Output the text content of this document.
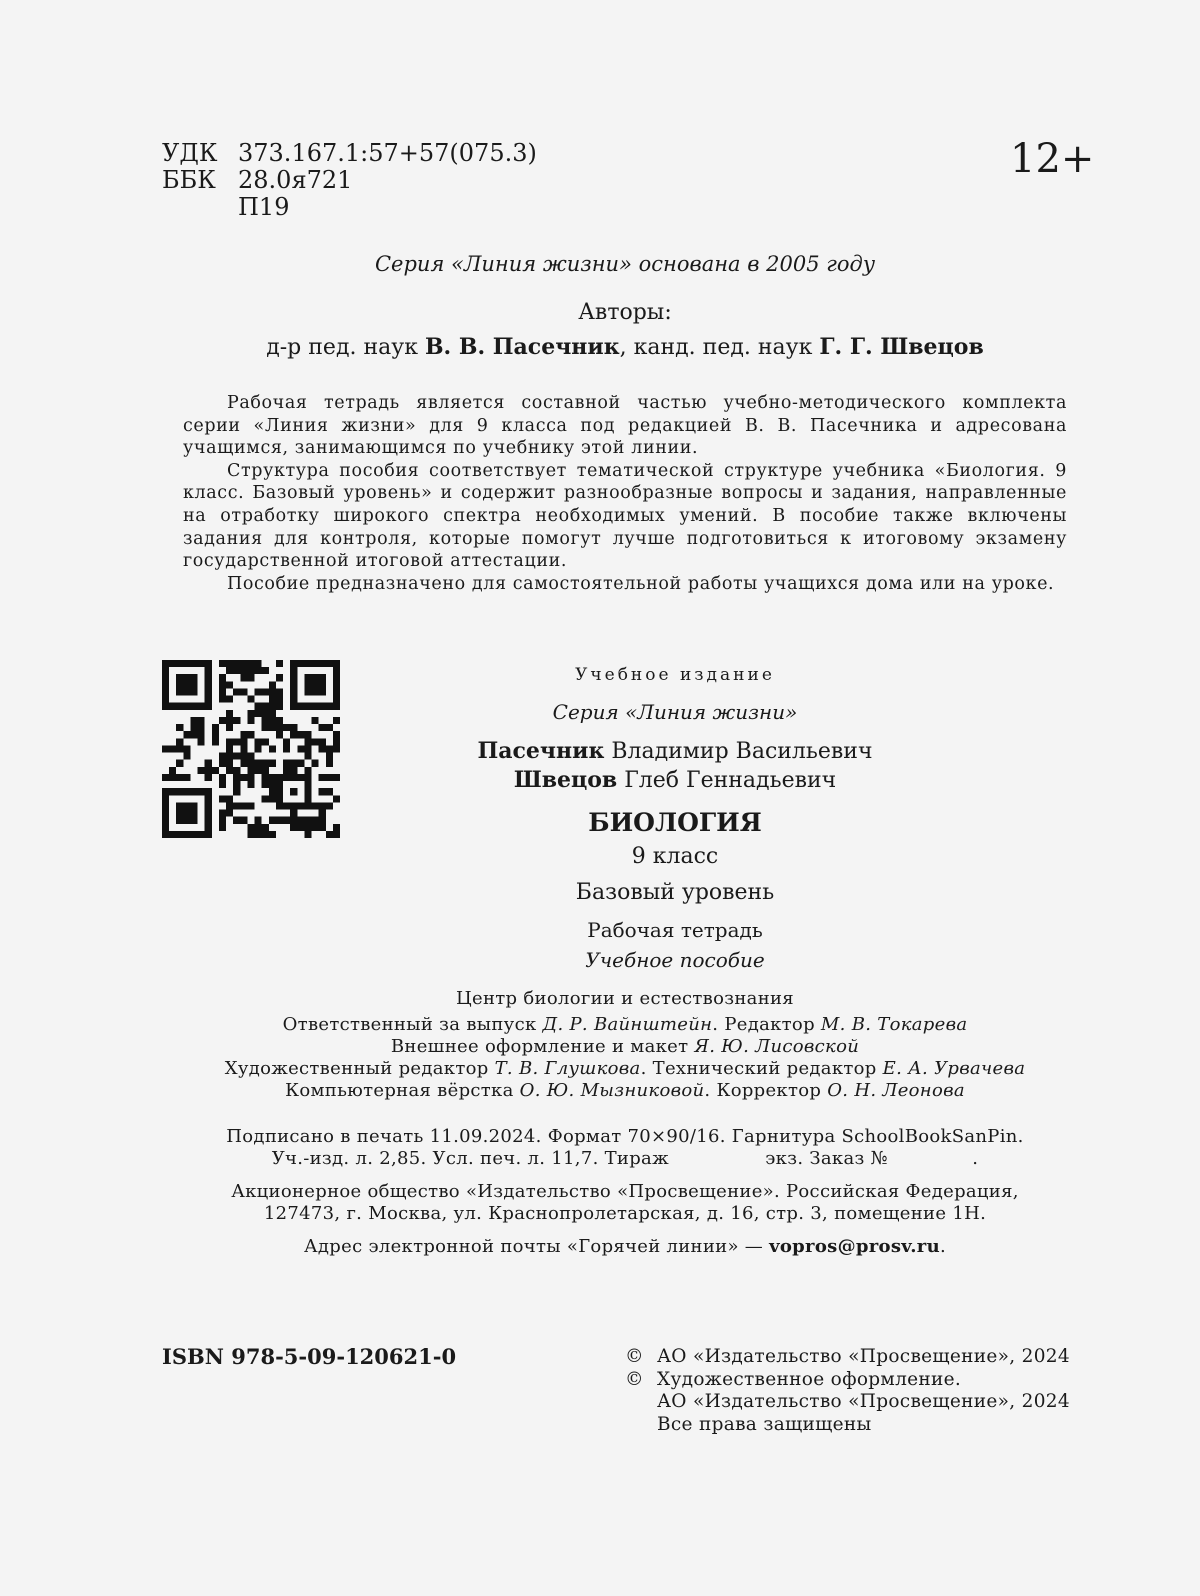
УДК 373.167.1:57+57(075.3)
ББК 28.0я721
П19
12+
Серия «Линия жизни» основана в 2005 году
Авторы:
д-р пед. наук В. В. Пасечник, канд. пед. наук Г. Г. Швецов

Рабочая тетрадь является составной частью учебно-методического комплекта серии «Линия жизни» для 9 класса под редакцией В. В. Пасечника и адресована учащимся, занимающимся по учебнику этой линии.

Структура пособия соответствует тематической структуре учебника «Биология. 9 класс. Базовый уровень» и содержит разнообразные вопросы и задания, направленные на отработку широкого спектра необходимых умений. В пособие также включены задания для контроля, которые помогут лучше подготовиться к итоговому экзамену государственной итоговой аттестации.

Пособие предназначено для самостоятельной работы учащихся дома или на уроке.

Учебное издание
Серия «Линия жизни»
Пасечник Владимир Васильевич
Швецов Глеб Геннадьевич
БИОЛОГИЯ
9 класс
Базовый уровень
Рабочая тетрадь
Учебное пособие
Центр биологии и естествознания
Ответственный за выпуск Д. Р. Вайнштейн. Редактор М. В. Токарева
Внешнее оформление и макет Я. Ю. Лисовской
Художественный редактор Т. В. Глушкова. Технический редактор Е. А. Урвачева
Компьютерная вёрстка О. Ю. Мызниковой. Корректор О. Н. Леонова
Подписано в печать 11.09.2024. Формат 70×90/16. Гарнитура SchoolBookSanPin.
Уч.-изд. л. 2,85. Усл. печ. л. 11,7. Тираж                экз. Заказ №              .
Акционерное общество «Издательство «Просвещение». Российская Федерация,
127473, г. Москва, ул. Краснопролетарская, д. 16, стр. 3, помещение 1Н.
Адрес электронной почты «Горячей линии» — vopros@prosv.ru.
ISBN 978-5-09-120621-0	© АО «Издательство «Просвещение», 2024
© Художественное оформление.
АО «Издательство «Просвещение», 2024
Все права защищены
